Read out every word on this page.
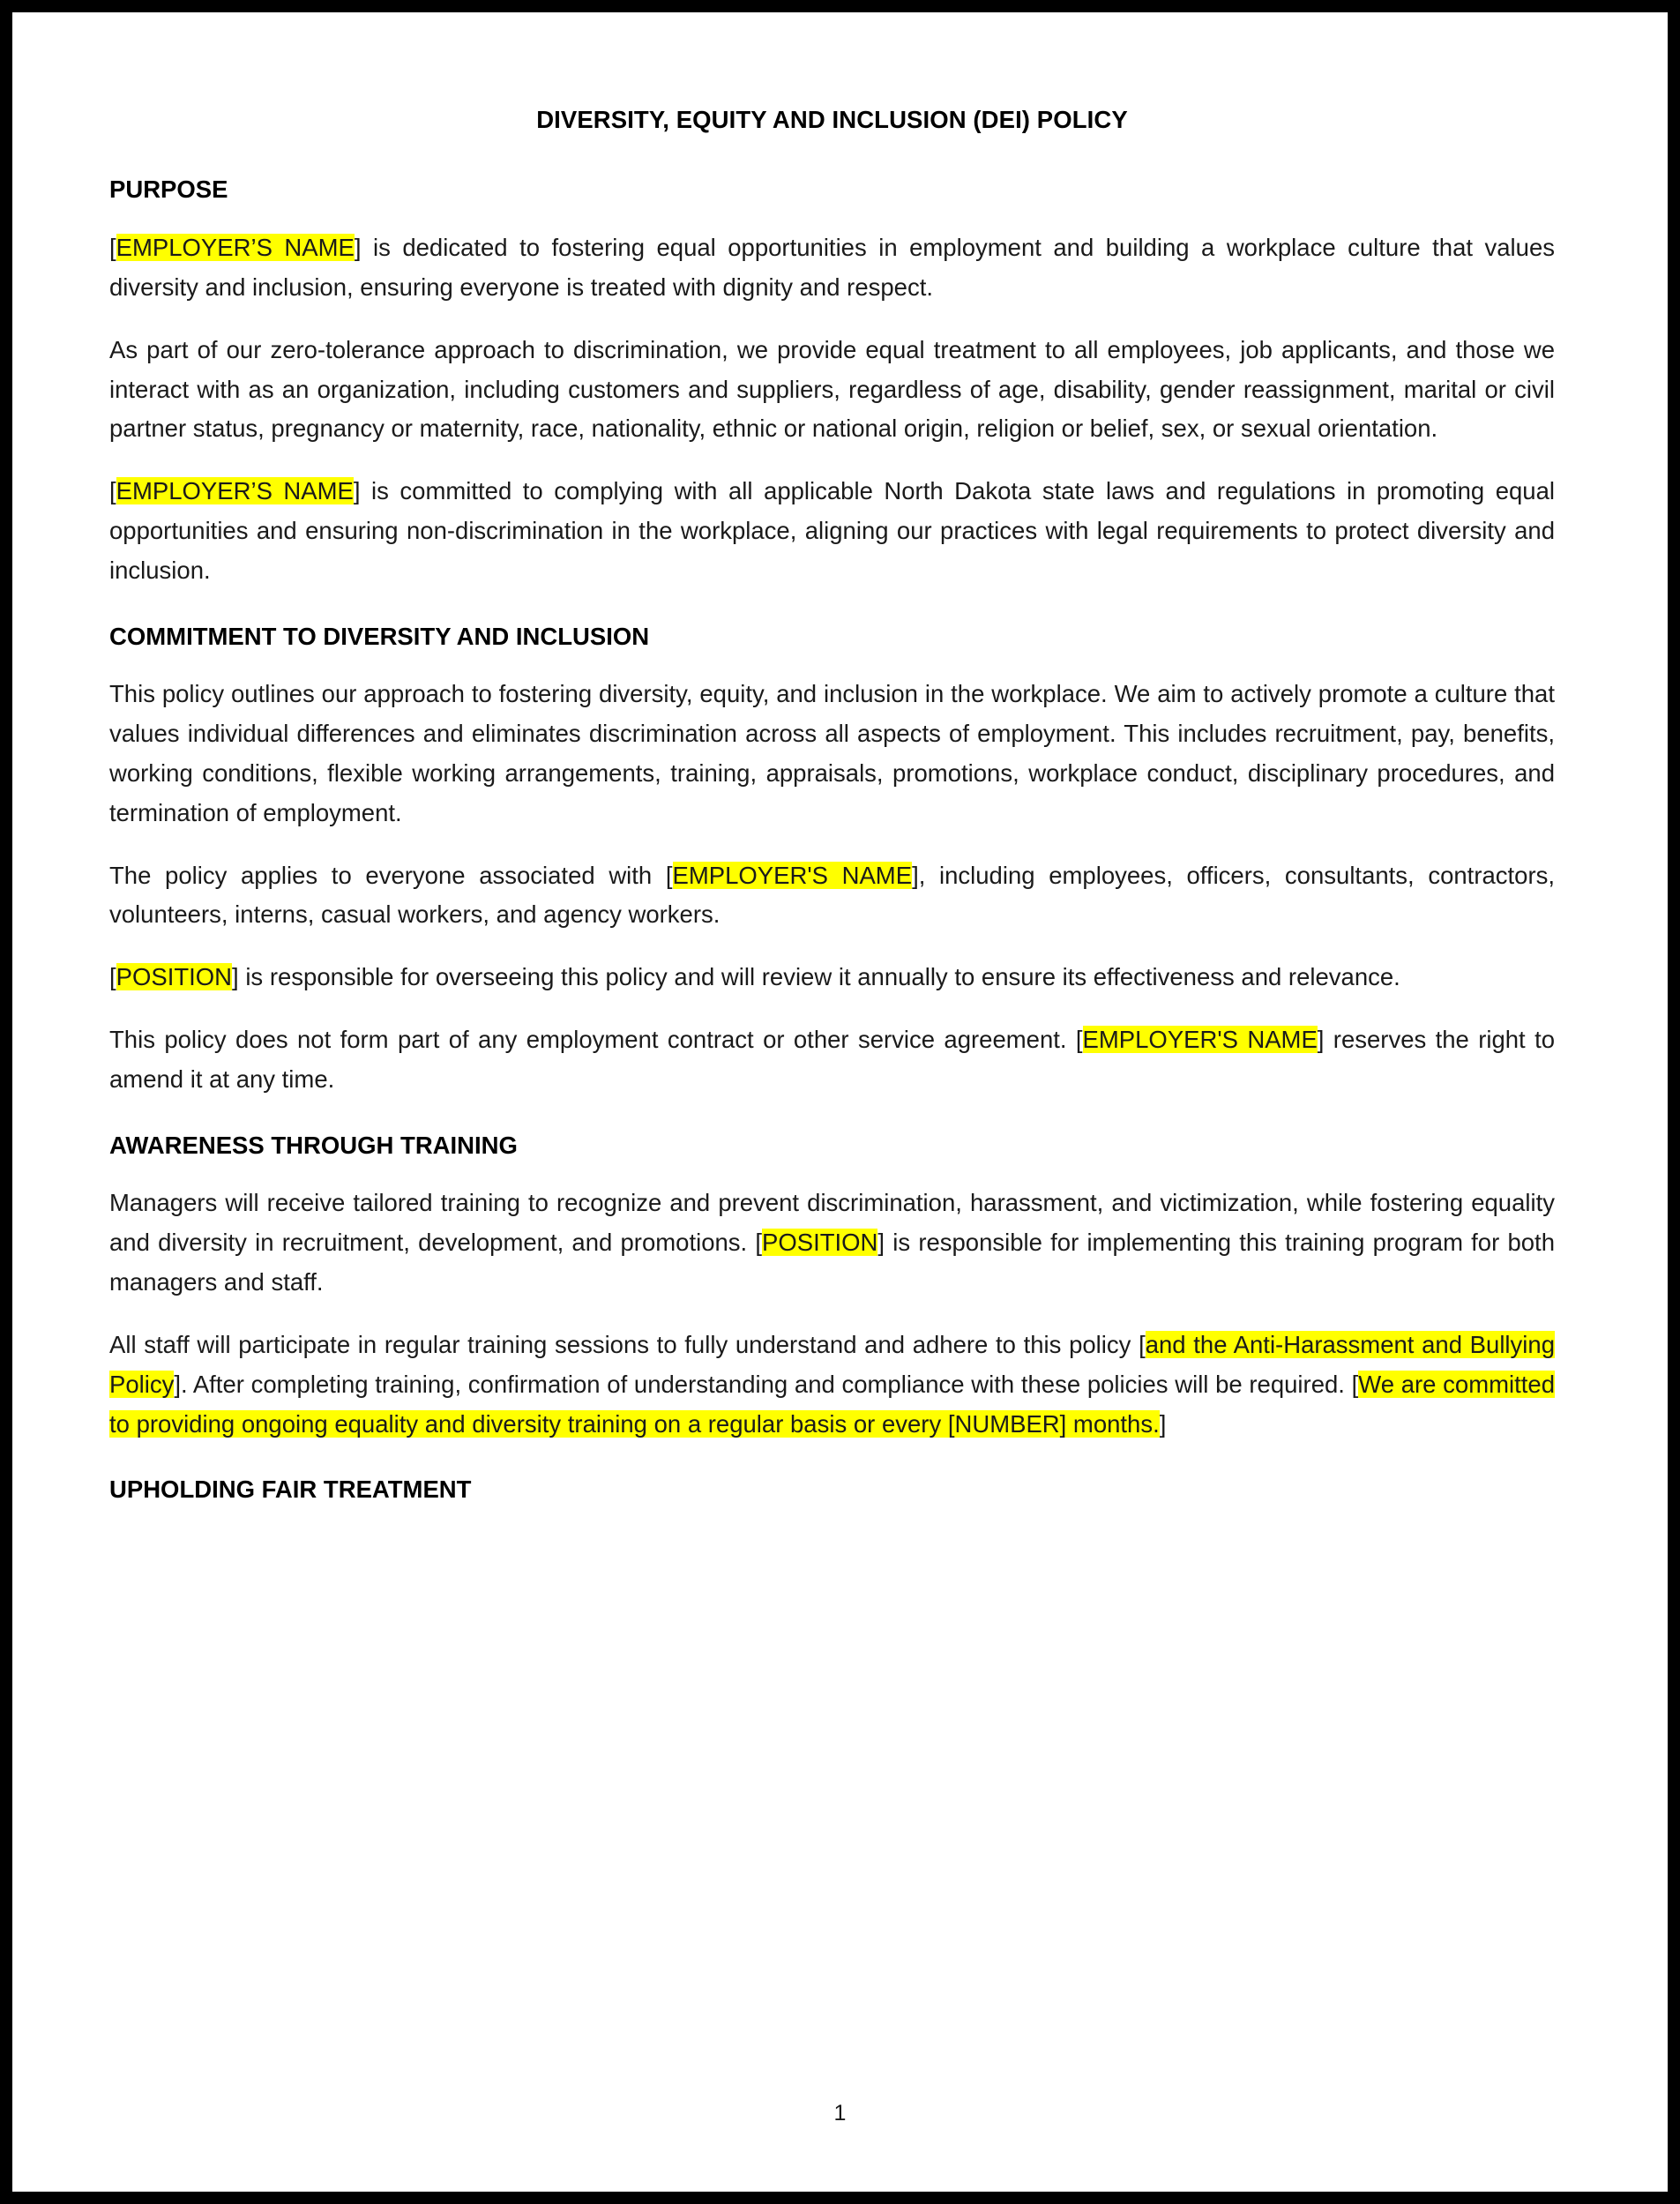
DIVERSITY, EQUITY AND INCLUSION (DEI) POLICY
PURPOSE

[EMPLOYER’S NAME] is dedicated to fostering equal opportunities in employment and building a workplace culture that values diversity and inclusion, ensuring everyone is treated with dignity and respect.

As part of our zero-tolerance approach to discrimination, we provide equal treatment to all employees, job applicants, and those we interact with as an organization, including customers and suppliers, regardless of age, disability, gender reassignment, marital or civil partner status, pregnancy or maternity, race, nationality, ethnic or national origin, religion or belief, sex, or sexual orientation.

[EMPLOYER’S NAME] is committed to complying with all applicable North Dakota state laws and regulations in promoting equal opportunities and ensuring non-discrimination in the workplace, aligning our practices with legal requirements to protect diversity and inclusion.

COMMITMENT TO DIVERSITY AND INCLUSION

This policy outlines our approach to fostering diversity, equity, and inclusion in the workplace. We aim to actively promote a culture that values individual differences and eliminates discrimination across all aspects of employment. This includes recruitment, pay, benefits, working conditions, flexible working arrangements, training, appraisals, promotions, workplace conduct, disciplinary procedures, and termination of employment.

The policy applies to everyone associated with [EMPLOYER'S NAME], including employees, officers, consultants, contractors, volunteers, interns, casual workers, and agency workers.

[POSITION] is responsible for overseeing this policy and will review it annually to ensure its effectiveness and relevance.

This policy does not form part of any employment contract or other service agreement. [EMPLOYER'S NAME] reserves the right to amend it at any time.

AWARENESS THROUGH TRAINING

Managers will receive tailored training to recognize and prevent discrimination, harassment, and victimization, while fostering equality and diversity in recruitment, development, and promotions. [POSITION] is responsible for implementing this training program for both managers and staff.

All staff will participate in regular training sessions to fully understand and adhere to this policy [and the Anti-Harassment and Bullying Policy]. After completing training, confirmation of understanding and compliance with these policies will be required. [We are committed to providing ongoing equality and diversity training on a regular basis or every [NUMBER] months.]

UPHOLDING FAIR TREATMENT
1
